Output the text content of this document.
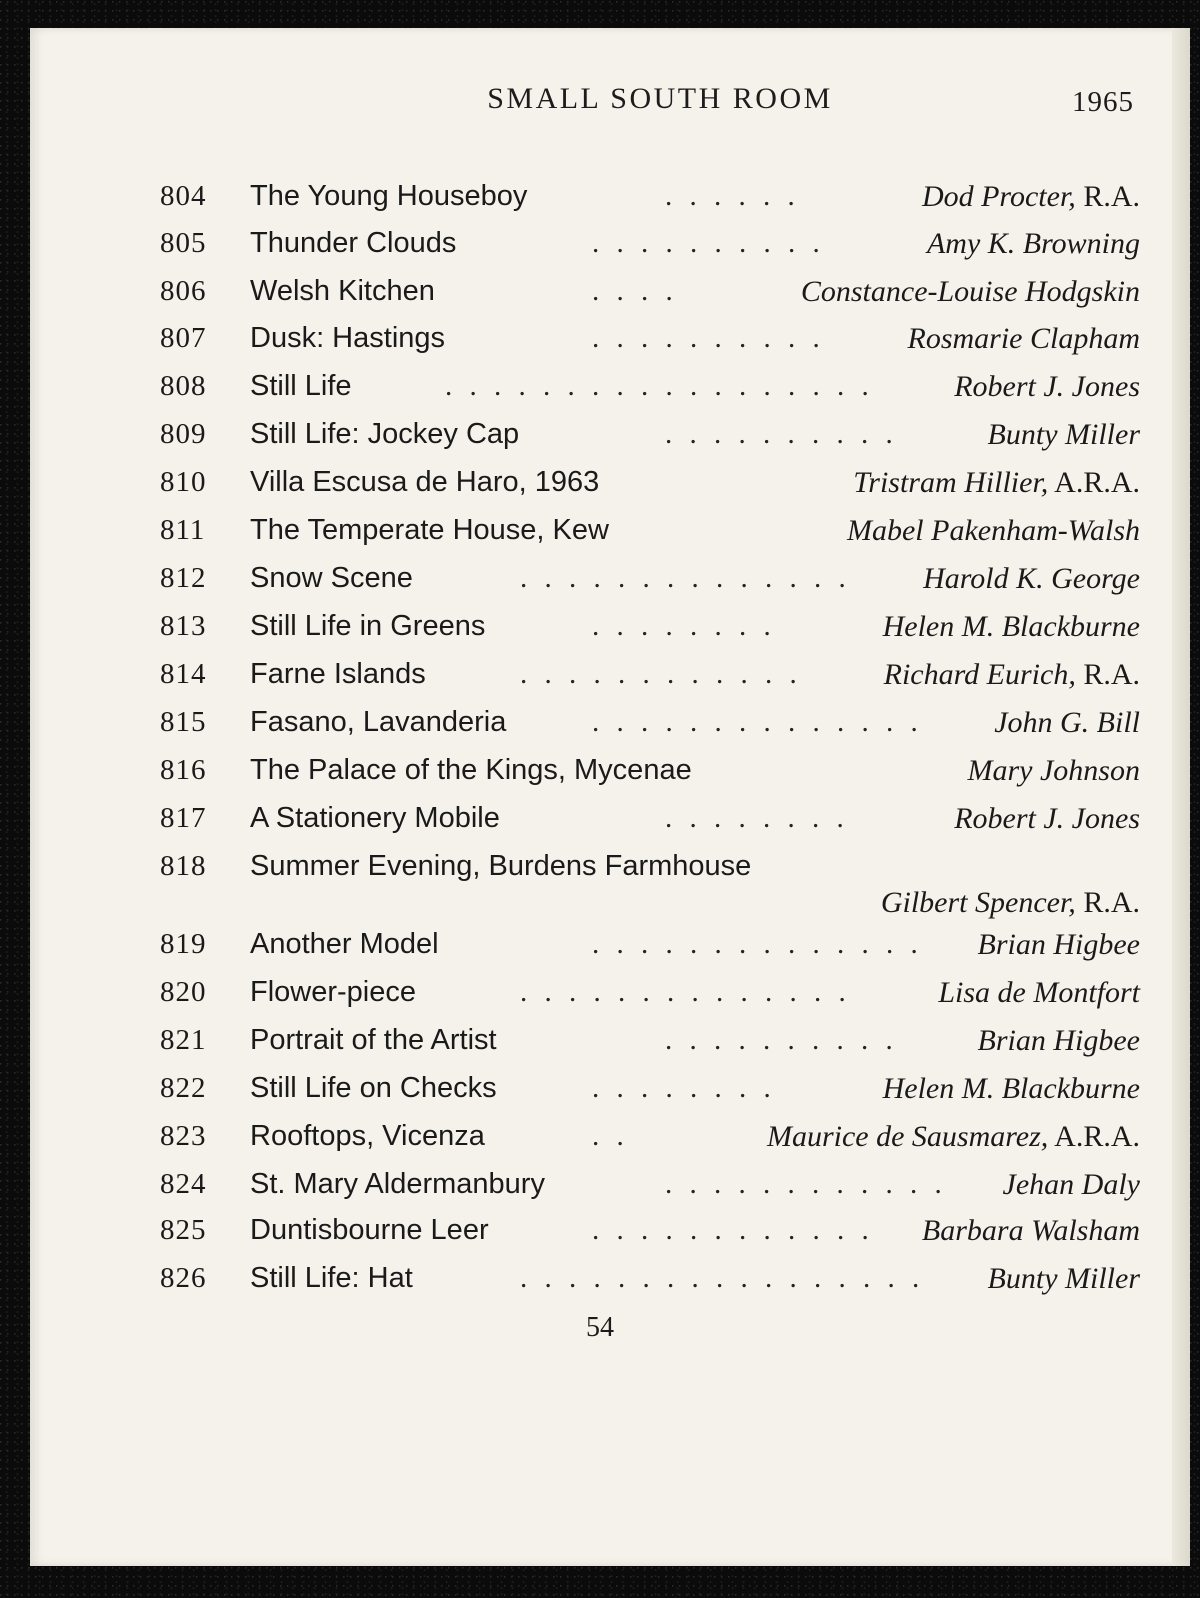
SMALL SOUTH ROOM	1965
804 The Young Houseboy	. . . . . .	Dod Procter, R.A.
805 Thunder Clouds	. . . . . . . . . .	Amy K. Browning
806 Welsh Kitchen	. . . .	Constance-Louise Hodgskin
807 Dusk: Hastings	. . . . . . . . . .	Rosmarie Clapham
808 Still Life	. . . . . . . . . . . . . . . . . .	Robert J. Jones
809 Still Life: Jockey Cap	. . . . . . . . . .	Bunty Miller
810 Villa Escusa de Haro, 1963	Tristram Hillier, A.R.A.
811 The Temperate House, Kew	Mabel Pakenham-Walsh
812 Snow Scene	. . . . . . . . . . . . . . Harold K. George
813 Still Life in Greens	. . . . . . . .	Helen M. Blackburne
814 Farne Islands	. . . . . . . . . . . .	Richard Eurich, R.A.
815 Fasano, Lavanderia	. . . . . . . . . . . . . . John G. Bill
816 The Palace of the Kings, Mycenae	Mary Johnson
817 A Stationery Mobile	. . . . . . . .	Robert J. Jones
818 Summer Evening, Burdens Farmhouse
Gilbert Spencer, R.A.
819 Another Model	. . . . . . . . . . . . . . Brian Higbee
820 Flower-piece	. . . . . . . . . . . . . .	Lisa de Montfort
821 Portrait of the Artist	. . . . . . . . . .	Brian Higbee
822 Still Life on Checks	. . . . . . . .	Helen M. Blackburne
823 Rooftops, Vicenza	. .	Maurice de Sausmarez, A.R.A.
824 St. Mary Aldermanbury	. . . . . . . . . . . . Jehan Daly
825 Duntisbourne Leer	. . . . . . . . . . . . Barbara Walsham
826 Still Life: Hat	. . . . . . . . . . . . . . . . . Bunty Miller
54
